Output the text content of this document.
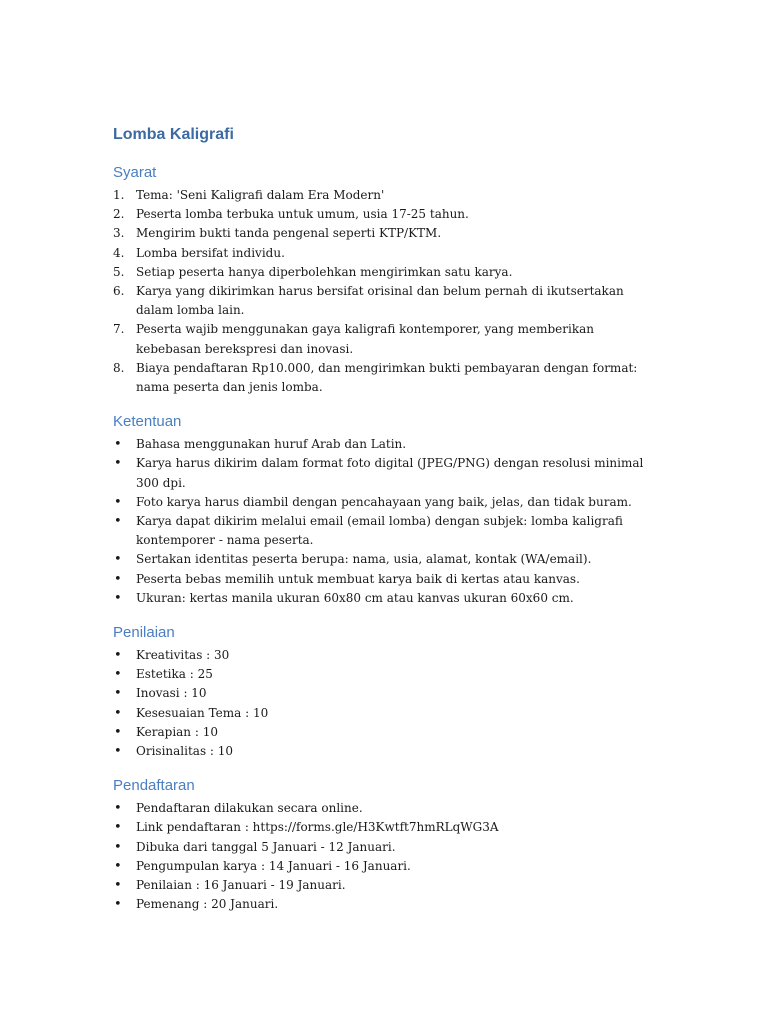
Lomba Kaligrafi
Syarat
1. Tema: 'Seni Kaligrafi dalam Era Modern'
2. Peserta lomba terbuka untuk umum, usia 17-25 tahun.
3. Mengirim bukti tanda pengenal seperti KTP/KTM.
4. Lomba bersifat individu.
5. Setiap peserta hanya diperbolehkan mengirimkan satu karya.
6. Karya yang dikirimkan harus bersifat orisinal dan belum pernah di ikutsertakan dalam lomba lain.
7. Peserta wajib menggunakan gaya kaligrafi kontemporer, yang memberikan kebebasan berekspresi dan inovasi.
8. Biaya pendaftaran Rp10.000, dan mengirimkan bukti pembayaran dengan format: nama peserta dan jenis lomba.
Ketentuan
•	Bahasa menggunakan huruf Arab dan Latin.
•	Karya harus dikirim dalam format foto digital (JPEG/PNG) dengan resolusi minimal 300 dpi.
•	Foto karya harus diambil dengan pencahayaan yang baik, jelas, dan tidak buram.
•	Karya dapat dikirim melalui email (email lomba) dengan subjek: lomba kaligrafi kontemporer - nama peserta.
•	Sertakan identitas peserta berupa: nama, usia, alamat, kontak (WA/email).
•	Peserta bebas memilih untuk membuat karya baik di kertas atau kanvas.
•	Ukuran: kertas manila ukuran 60x80 cm atau kanvas ukuran 60x60 cm.
Penilaian
•	Kreativitas : 30
•	Estetika : 25
•	Inovasi : 10
•	Kesesuaian Tema : 10
•	Kerapian : 10
•	Orisinalitas : 10
Pendaftaran
•	Pendaftaran dilakukan secara online.
•	Link pendaftaran : https://forms.gle/H3Kwtft7hmRLqWG3A
•	Dibuka dari tanggal 5 Januari - 12 Januari.
•	Pengumpulan karya : 14 Januari - 16 Januari.
•	Penilaian : 16 Januari - 19 Januari.
•	Pemenang : 20 Januari.
